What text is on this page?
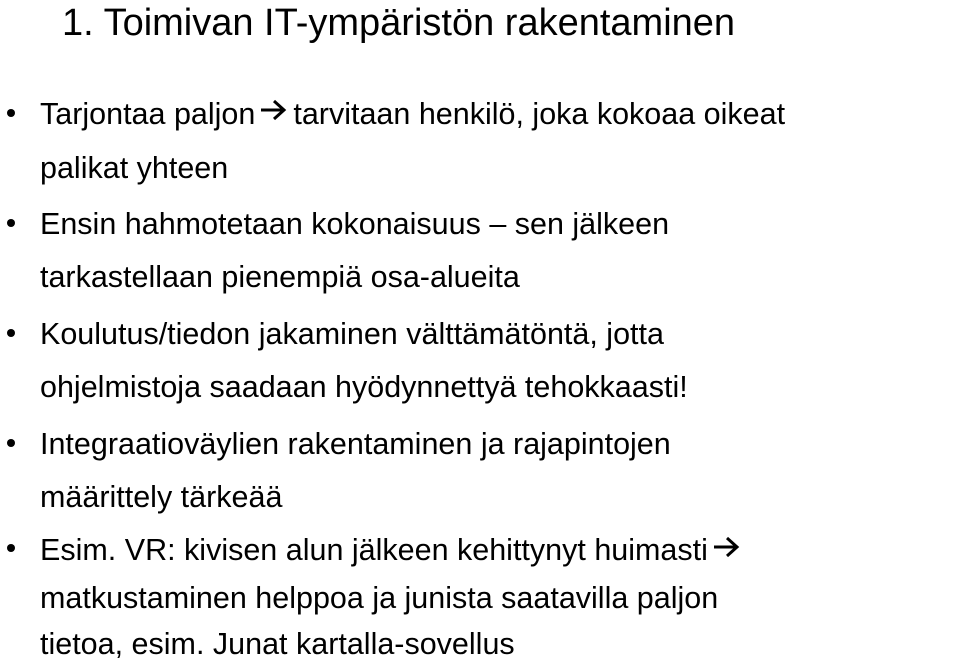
1. Toimivan IT-ympäristön rakentaminen
Tarjontaa paljon tarvitaan henkilö, joka kokoaa oikeat
palikat yhteen
Ensin hahmotetaan kokonaisuus – sen jälkeen
tarkastellaan pienempiä osa-alueita
Koulutus/tiedon jakaminen välttämätöntä, jotta
ohjelmistoja saadaan hyödynnettyä tehokkaasti!
Integraatioväylien rakentaminen ja rajapintojen
määrittely tärkeää
Esim. VR: kivisen alun jälkeen kehittynyt huimasti
matkustaminen helppoa ja junista saatavilla paljon
tietoa, esim. Junat kartalla-sovellus
